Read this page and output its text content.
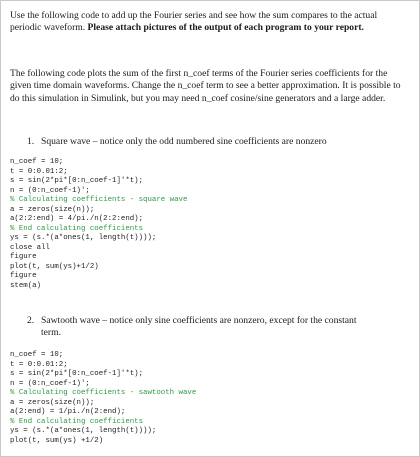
Use the following code to add up the Fourier series and see how the sum compares to the actual periodic waveform. Please attach pictures of the output of each program to your report.

The following code plots the sum of the first n_coef terms of the Fourier series coefficients for the given time domain waveforms. Change the n_coef term to see a better approximation. It is possible to do this simulation in Simulink, but you may need n_coef cosine/sine generators and a large adder.

1. Square wave – notice only the odd numbered sine coefficients are nonzero

n_coef = 10;
t = 0:0.01:2;
s = sin(2*pi*[0:n_coef-1]'*t);
n = (0:n_coef-1)';
% Calculating coefficients - square wave
a = zeros(size(n));
a(2:2:end) = 4/pi./n(2:2:end);
% End calculating coefficients
ys = (s.*(a*ones(1, length(t))));
close all
figure
plot(t, sum(ys)+1/2)
figure
stem(a)

2. Sawtooth wave – notice only sine coefficients are nonzero, except for the constant
term.

n_coef = 10;
t = 0:0.01:2;
s = sin(2*pi*[0:n_coef-1]'*t);
n = (0:n_coef-1)';
% Calculating coefficients - sawtooth wave
a = zeros(size(n));
a(2:end) = 1/pi./n(2:end);
% End calculating coefficients
ys = (s.*(a*ones(1, length(t))));
plot(t, sum(ys) +1/2)
